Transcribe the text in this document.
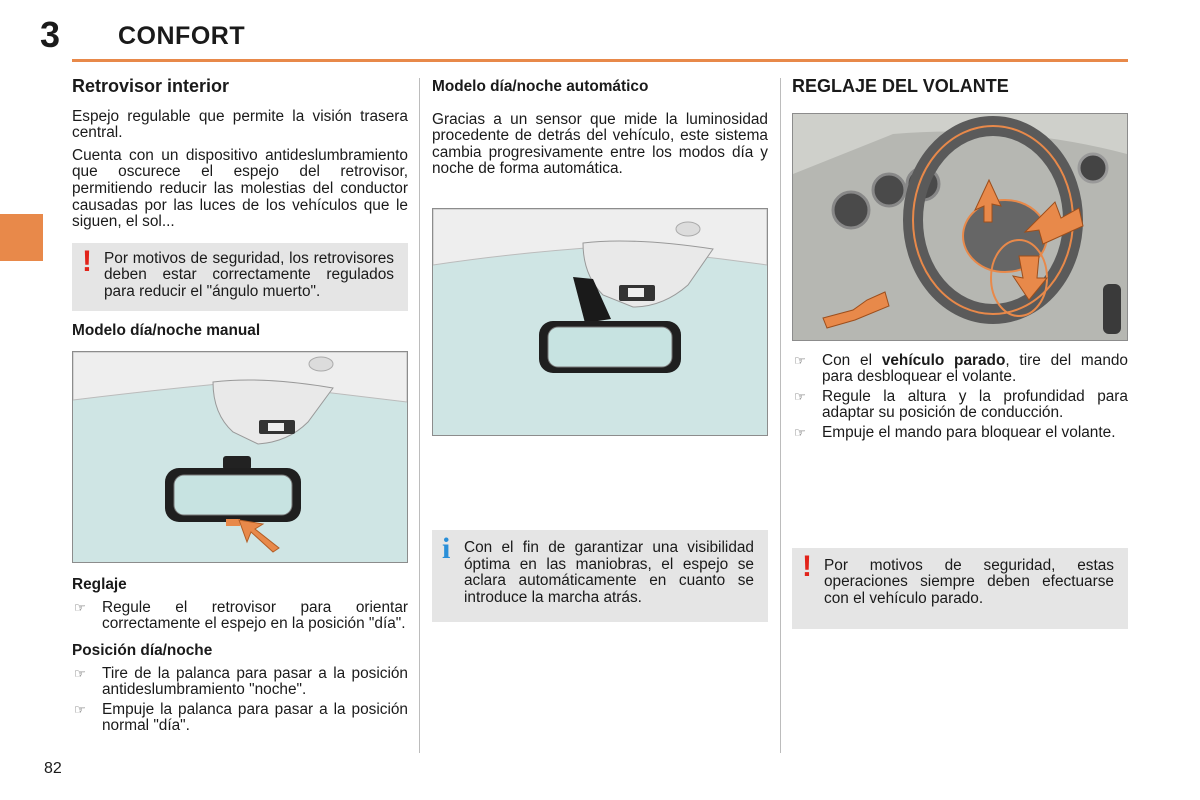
3 CONFORT
Retrovisor interior

Espejo regulable que permite la visión trasera central.

Cuenta con un dispositivo antideslumbramiento que oscurece el espejo del retrovisor, permitiendo reducir las molestias del conductor causadas por las luces de los vehículos que le siguen, el sol...

! Por motivos de seguridad, los retrovisores deben estar correctamente regulados para reducir el "ángulo muerto".
Modelo día/noche manual
Reglaje
☞ Regule el retrovisor para orientar correctamente el espejo en la posición "día".
Posición día/noche
☞ Tire de la palanca para pasar a la posición antideslumbramiento "noche".
☞ Empuje la palanca para pasar a la posición normal "día".
Modelo día/noche automático

Gracias a un sensor que mide la luminosidad procedente de detrás del vehículo, este sistema cambia progresivamente entre los modos día y noche de forma automática.

i Con el fin de garantizar una visibilidad óptima en las maniobras, el espejo se aclara automáticamente en cuanto se introduce la marcha atrás.
REGLAJE DEL VOLANTE
☞ Con el vehículo parado, tire del mando para desbloquear el volante.
☞ Regule la altura y la profundidad para adaptar su posición de conducción.
☞ Empuje el mando para bloquear el volante.
! Por motivos de seguridad, estas operaciones siempre deben efectuarse con el vehículo parado.
82
